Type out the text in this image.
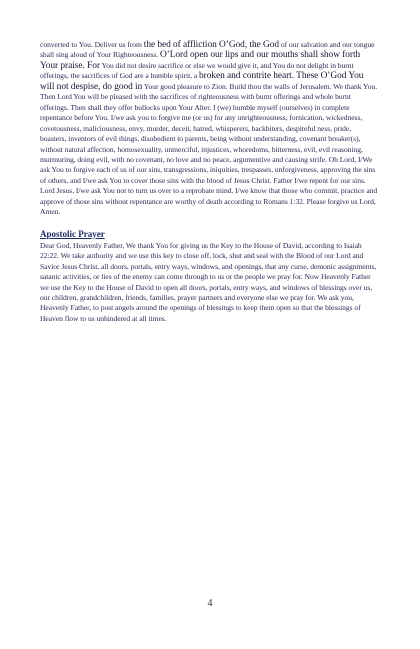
converted to You. Deliver us from the bed of affliction O’God, the God of our salvation and our tongue shall sing aloud of Your Righteousness. O’Lord open our lips and our mouths shall show forth Your praise. For You did not desire sacrifice or else we would give it, and You do not delight in burnt offerings, the sacrifices of God are a humble spirit, a broken and contrite heart. These O’God You will not despise, do good in Your good pleasure to Zion. Build thou the walls of Jerusalem. We thank You. Then Lord You will be pleased with the sacrifices of righteousness with burnt offerings and whole burnt offerings. Then shall they offer bullocks upon Your Alter. I (we) humble myself (ourselves) in complete repentance before You. I/we ask you to forgive me (or us) for any unrighteousness, fornication, wickedness, covetousness, maliciousness, envy, murder, deceit, hatred, whisperers, backbiters, despiteful ness, pride, boasters, inventors of evil things, disobedient to parents, being without understanding, covenant breaker(s), without natural affection, homosexuality, unmerciful, injustices, whoredoms, bitterness, evil, evil reasoning, murmuring, doing evil, with no covenant, no love and no peace, argumentive and causing strife. Oh Lord, I/We ask You to forgive each of us of our sins, transgressions, iniquities, trespasses, unforgiveness, approving the sins of others, and I/we ask You to cover those sins with the blood of Jesus Christ. Father I/we repent for our sins. Lord Jesus, I/we ask You not to turn us over to a reprobate mind. I/we know that those who commit, practice and approve of those sins without repentance are worthy of death according to Romans 1:32. Please forgive us Lord, Amen.

Apostolic Prayer

Dear God, Heavenly Father, We thank You for giving us the Key to the House of David, according to Isaiah 22:22. We take authority and we use this key to close off, lock, shut and seal with the Blood of our Lord and Savior Jesus Christ, all doors, portals, entry ways, windows, and openings, that any curse, demonic assignments, satanic activities, or lies of the enemy can come through to us or the people we pray for. Now Heavenly Father we use the Key to the House of David to open all doors, portals, entry ways, and windows of blessings over us, our children, grandchildren, friends, families, prayer partners and everyone else we pray for. We ask you, Heavenly Father, to post angels around the openings of blessings to keep them open so that the blessings of Heaven flow to us unhindered at all times.

4
